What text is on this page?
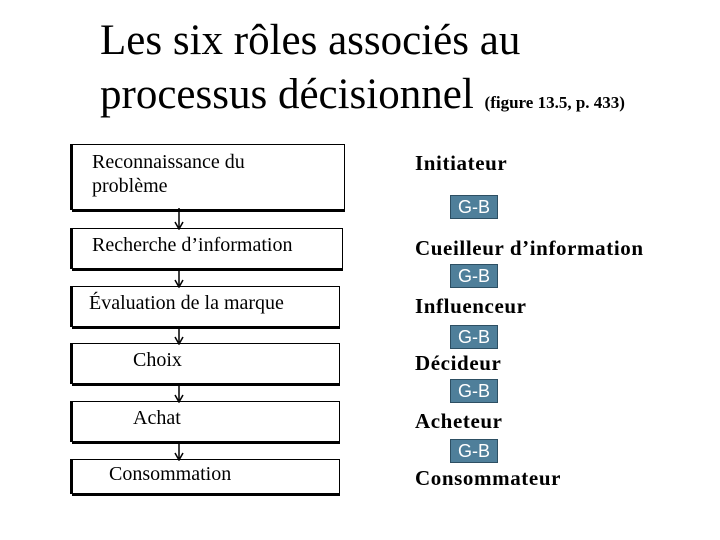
Les six rôles associés au
processus décisionnel (figure 13.5, p. 433)
Reconnaissance du problème
Recherche d’information
Évaluation de la marque
Choix
Achat
Consommation
Initiateur
G-B
Cueilleur d’information
G-B
Influenceur
G-B
Décideur
G-B
Acheteur
G-B
Consommateur
